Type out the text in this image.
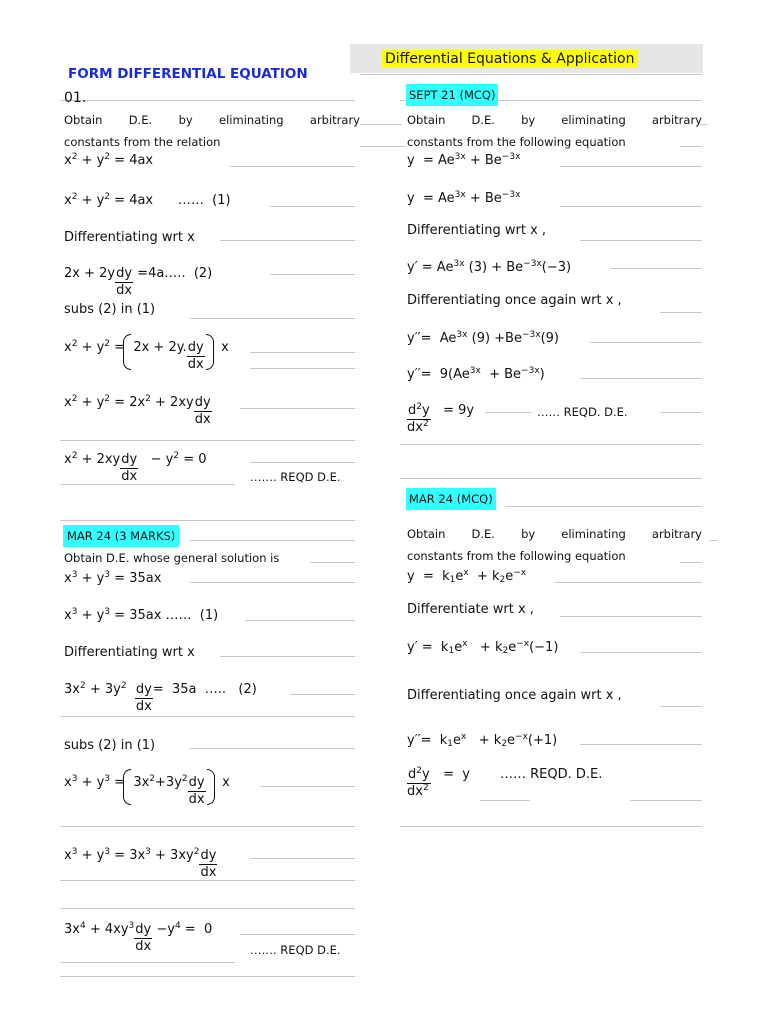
Differential Equations & Application
FORM DIFFERENTIAL EQUATION
01.
Obtain D.E. by eliminating arbitrary
constants from the relation
$x^2 + y^2 = 4ax$
$x^2 + y^2 = 4ax$      ……  (1)
Differentiating wrt x
$2x + 2y \frac{dy}{dx}$ =4a…..  (2)
subs (2) in (1)
$x^2 + y^2$ =
2x + 2y. $\frac{dy}{dx}$ x
$x^2 + y^2 = 2x^2 + 2xy \frac{dy}{dx}$
$x^2 + 2xy \frac{dy}{dx} - y^2 = 0$
……. REQD D.E.
MAR 24 (3 MARKS)
Obtain D.E. whose general solution is
$x^3 + y^3 = 35ax$
$x^3 + y^3 = 35ax$ ……  (1)
Differentiating wrt x
$3x^2 + 3y^2 \frac{dy}{dx} = 35a$  …..   (2)
subs (2) in (1)
$x^3 + y^3$ =
$3x^2+3y^2 \frac{dy}{dx}$ x
$x^3 + y^3 = 3x^3 + 3xy^2 \frac{dy}{dx}$
$3x^4 + 4xy^3 \frac{dy}{dx} -y^4 = 0$
……. REQD D.E.
SEPT 21 (MCQ)
Obtain D.E. by eliminating arbitrary
constants from the following equation
$y = Ae^{3x} + Be^{-3x}$
$y = Ae^{3x} + Be^{-3x}$
Differentiating wrt x ,
$y' = Ae^{3x}$ $(3) + Be^{-3x}(-3)$
Differentiating once again wrt x ,
$y''= Ae^{3x}$ $(9) +Be^{-3x}(9)$
$y''= 9(Ae^{3x} + Be^{-3x})$
$\frac{d^2y}{dx^2} = 9y$	…… REQD. D.E.
MAR 24 (MCQ)
Obtain D.E. by eliminating arbitrary
constants from the following equation
$y = k_1e^x + k_2e^{-x}$
Differentiate wrt x ,
$y' = k_1e^x + k_2e^{-x}(-1)$
Differentiating once again wrt x ,
$y''= k_1e^x + k_2e^{-x}(+1)$
$\frac{d^2y}{dx^2} = y$ …… REQD. D.E.
